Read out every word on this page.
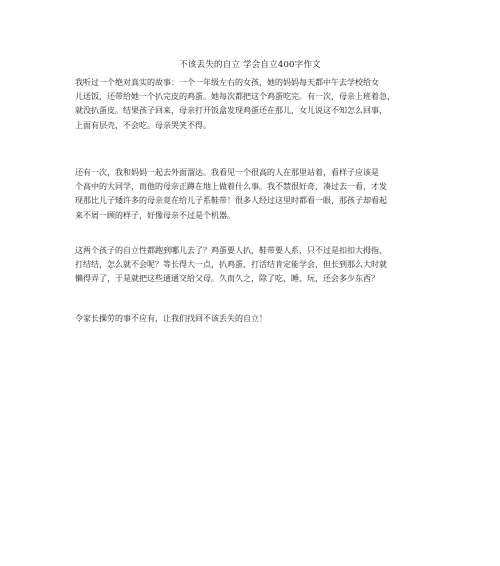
不该丢失的自立 学会自立400字作文

我听过一个绝对真实的故事：一个一年级左右的女孩，她的妈妈每天都中午去学校给女
儿送饭，还带给她一个扒完皮的鸡蛋。她每次都把这个鸡蛋吃完。有一次，母亲上班着急，
就没扒蛋皮。结果孩子回来，母亲打开饭盒发现鸡蛋还在那儿，女儿说这不知怎么回事，
上面有层壳，不会吃。母亲哭笑不得。

还有一次，我和妈妈一起去外面溜达。我看见一个很高的人在那里站着，看样子应该是
个高中的大同学，而他的母亲正蹲在地上做着什么事。我不禁很好奇，凑过去一看，才发
现那比儿子矮许多的母亲竟在给儿子系鞋带！很多人经过这里时都看一眼，那孩子却看起
来不屑一顾的样子，好像母亲不过是个机器。

这两个孩子的自立性都跑到哪儿去了？鸡蛋要人扒，鞋带要人系，只不过是扣扣大拇指、
打结结，怎么就不会呢？等长得大一点，扒鸡蛋、打活结肯定能学会，但长到那么大时就
懒得弄了，于是就把这些通通交给父母。久而久之，除了吃、睡、玩，还会多少东西？

令家长操劳的事不应有，让我们找回不该丢失的自立！
